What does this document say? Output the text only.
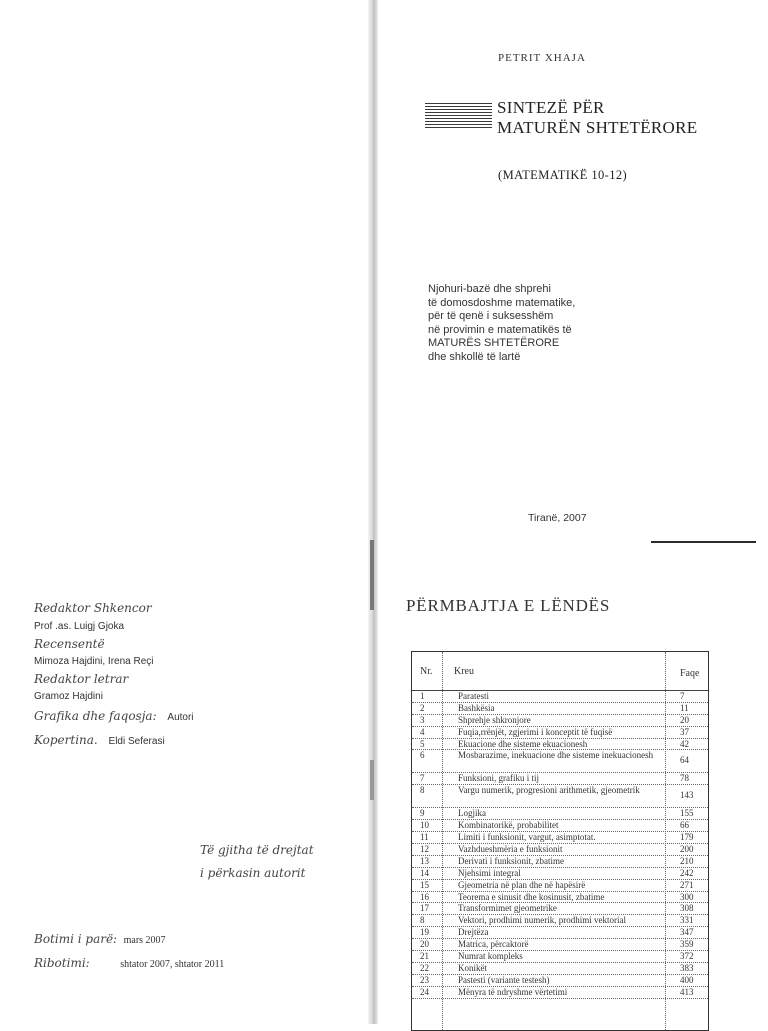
PETRIT XHAJA
SINTEZË PËR
MATURËN SHTETËRORE
(MATEMATIKË 10-12)
Njohuri-bazë dhe shprehi
të domosdoshme matematike,
për të qenë i suksesshëm
në provimin e matematikës të
MATURËS SHTETËRORE
dhe shkollë të lartë
Tiranë, 2007
PËRMBAJTJA E LËNDËS
Nr. Kreu	Faqe
1	Paratesti	7
2	Bashkësia	11
3	Shprehje shkronjore	20
4	Fuqia,rrënjët, zgjerimi i konceptit të fuqisë	37
5	Ekuacione dhe sisteme ekuacionesh	42
6	Mosbarazime, inekuacione dhe sisteme inekuacionesh	64
7	Funksioni, grafiku i tij	78
8	Vargu numerik, progresioni arithmetik, gjeometrik	143
9	Logjika	155
10	Kombinatorikë, probabilitet	66
11	Limiti i funksionit, vargut, asimptotat.	179
12	Vazhdueshmëria e funksionit	200
13	Derivati i funksionit, zbatime	210
14	Njehsimi integral	242
15	Gjeometria në plan dhe në hapësirë	271
16	Teorema e sinusit dhe kosinusit, zbatime	300
17	Transformimet gjeometrike	308
8	Vektori, prodhimi numerik, prodhimi vektorial	331
19	Drejtëza	347
20	Matrica, përcaktorë	359
21	Numrat kompleks	372
22	Konikët	383
23	Pastesti (variante testesh)	400
24	Mënyra të ndryshme vërtetimi	413
Redaktor Shkencor
Prof .as. Luigj Gjoka
Recensentë
Mimoza Hajdini, Irena Reçi
Redaktor letrar
Gramoz Hajdini
Grafika dhe faqosja: Autori
Kopertina. Eldi Seferasi
Të gjitha të drejtat
i përkasin autorit
Botimi i parë: mars 2007
Ribotimi:	shtator 2007, shtator 2011
